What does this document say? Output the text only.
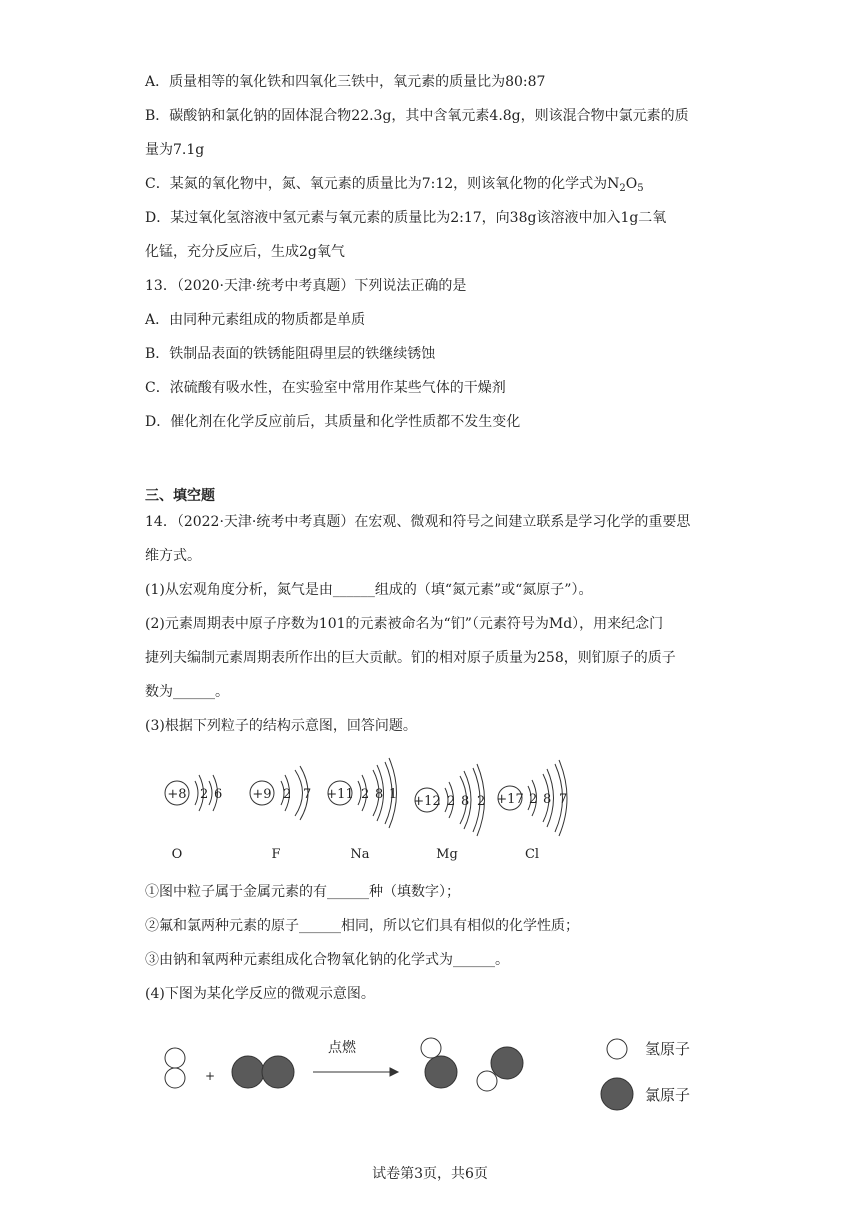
A．质量相等的氧化铁和四氧化三铁中，氧元素的质量比为80:87
B．碳酸钠和氯化钠的固体混合物22.3g，其中含氧元素4.8g，则该混合物中氯元素的质
量为7.1g
C．某氮的氧化物中，氮、氧元素的质量比为7:12，则该氧化物的化学式为$N_2O_5$
D．某过氧化氢溶液中氢元素与氧元素的质量比为2:17，向38g该溶液中加入1g二氧
化锰，充分反应后，生成2g氧气
13．（2020·天津·统考中考真题）下列说法正确的是
A．由同种元素组成的物质都是单质
B．铁制品表面的铁锈能阻碍里层的铁继续锈蚀
C．浓硫酸有吸水性，在实验室中常用作某些气体的干燥剂
D．催化剂在化学反应前后，其质量和化学性质都不发生变化
三、填空题
14．（2022·天津·统考中考真题）在宏观、微观和符号之间建立联系是学习化学的重要思
维方式。
(1)从宏观角度分析，氮气是由______组成的（填“氮元素”或“氮原子”）。
(2)元素周期表中原子序数为101的元素被命名为“钔”（元素符号为Md），用来纪念门
捷列夫编制元素周期表所作出的巨大贡献。钔的相对原子质量为258，则钔原子的质子
数为______。
(3)根据下列粒子的结构示意图，回答问题。
+8 2 6
O
+9 2 7
F
+11 2 8 1
Na
+12 2 8 2
Mg
+17 2 8 7
Cl
①图中粒子属于金属元素的有______种（填数字）；
②氟和氯两种元素的原子______相同，所以它们具有相似的化学性质；
③由钠和氧两种元素组成化合物氧化钠的化学式为______。
(4)下图为某化学反应的微观示意图。
+
点燃	氢原子
氯原子
试卷第3页，共6页
